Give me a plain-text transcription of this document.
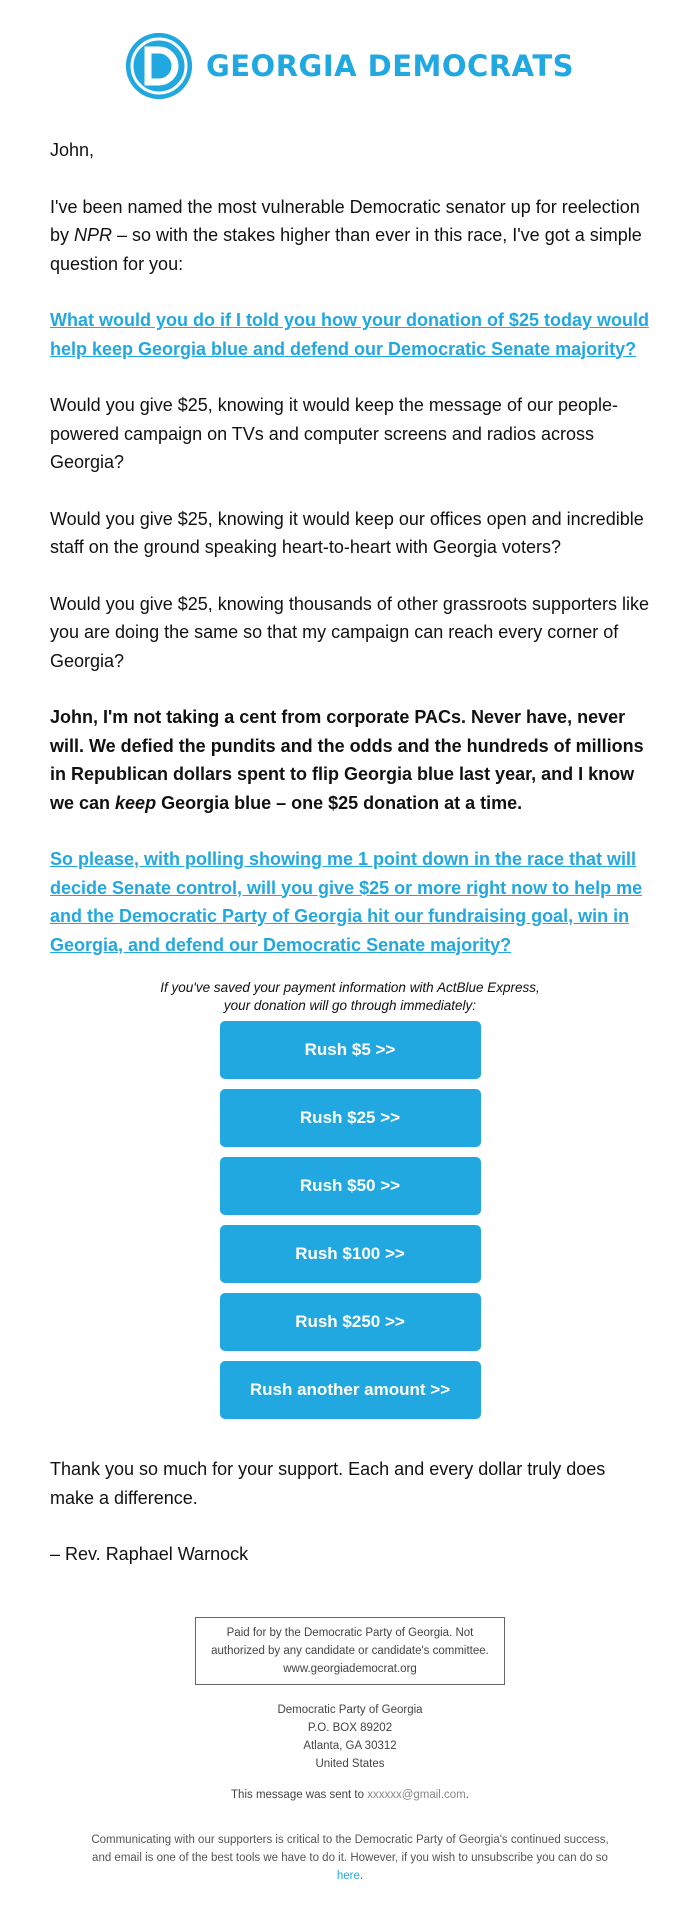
GEORGIA DEMOCRATS

John,

I've been named the most vulnerable Democratic senator up for reelection by NPR – so with the stakes higher than ever in this race, I've got a simple question for you:

What would you do if I told you how your donation of $25 today would help keep Georgia blue and defend our Democratic Senate majority?

Would you give $25, knowing it would keep the message of our people-powered campaign on TVs and computer screens and radios across Georgia?

Would you give $25, knowing it would keep our offices open and incredible staff on the ground speaking heart-to-heart with Georgia voters?

Would you give $25, knowing thousands of other grassroots supporters like you are doing the same so that my campaign can reach every corner of Georgia?

John, I'm not taking a cent from corporate PACs. Never have, never will. We defied the pundits and the odds and the hundreds of millions in Republican dollars spent to flip Georgia blue last year, and I know we can keep Georgia blue – one $25 donation at a time.

So please, with polling showing me 1 point down in the race that will decide Senate control, will you give $25 or more right now to help me and the Democratic Party of Georgia hit our fundraising goal, win in Georgia, and defend our Democratic Senate majority?

If you've saved your payment information with ActBlue Express,
your donation will go through immediately:
Rush $5 >>
Rush $25 >>
Rush $50 >>
Rush $100 >>
Rush $250 >>
Rush another amount >>

Thank you so much for your support. Each and every dollar truly does make a difference.

– Rev. Raphael Warnock

Paid for by the Democratic Party of Georgia. Not authorized by any candidate or candidate's committee.
www.georgiademocrat.org
Democratic Party of Georgia
P.O. BOX 89202
Atlanta, GA 30312
United States
This message was sent to xxxxxx@gmail.com.
Communicating with our supporters is critical to the Democratic Party of Georgia's continued success, and email is one of the best tools we have to do it. However, if you wish to unsubscribe you can do so here.
